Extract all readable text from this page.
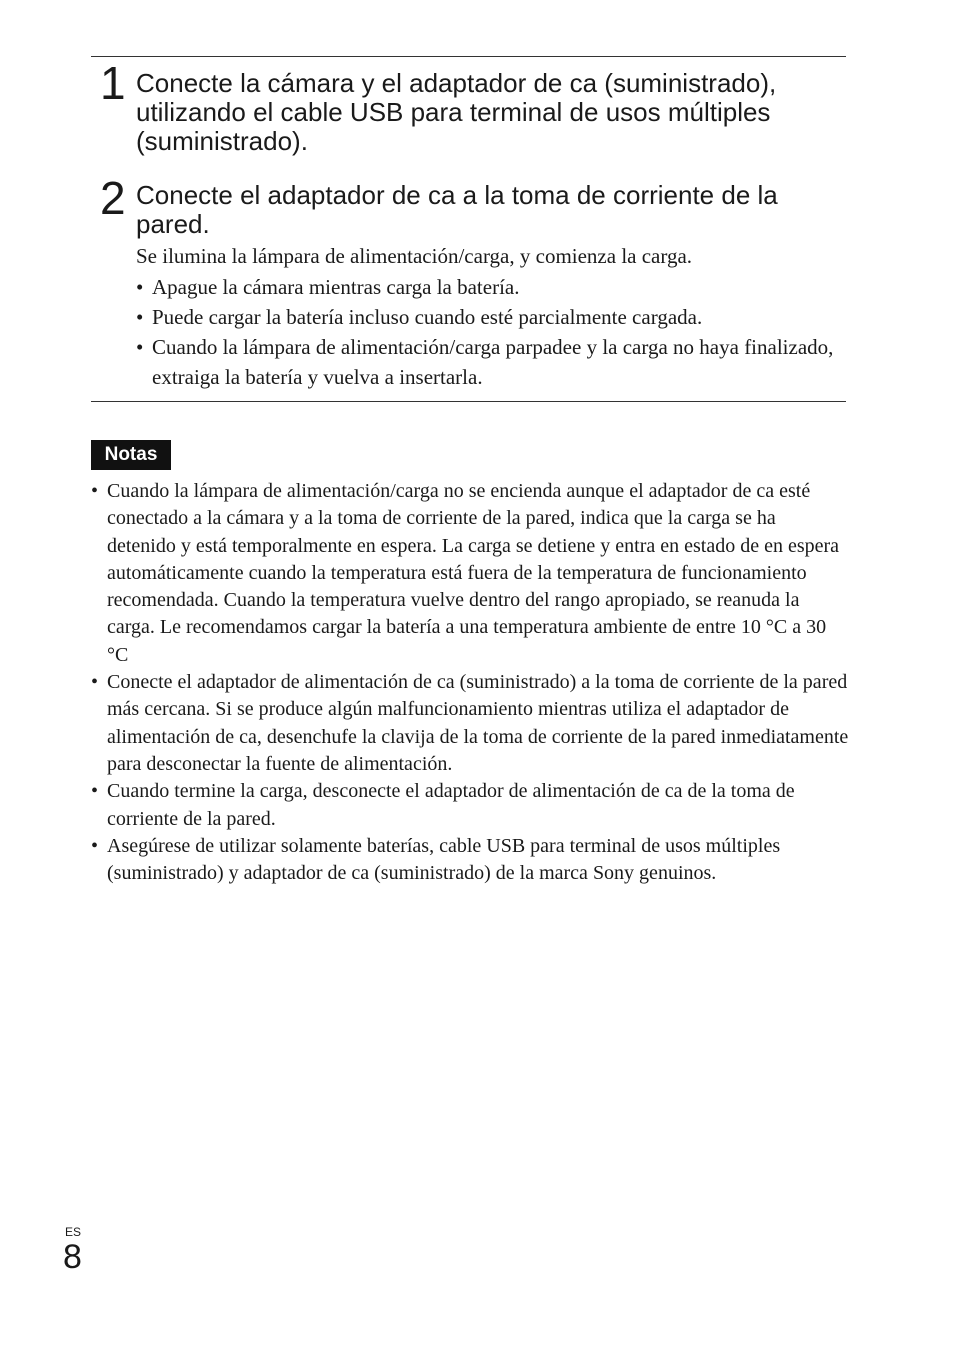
1 Conecte la cámara y el adaptador de ca (suministrado), utilizando el cable USB para terminal de usos múltiples (suministrado).
2 Conecte el adaptador de ca a la toma de corriente de la pared.
Se ilumina la lámpara de alimentación/carga, y comienza la carga.
• Apague la cámara mientras carga la batería.
• Puede cargar la batería incluso cuando esté parcialmente cargada.
• Cuando la lámpara de alimentación/carga parpadee y la carga no haya finalizado, extraiga la batería y vuelva a insertarla.
Notas
• Cuando la lámpara de alimentación/carga no se encienda aunque el adaptador de ca esté conectado a la cámara y a la toma de corriente de la pared, indica que la carga se ha detenido y está temporalmente en espera. La carga se detiene y entra en estado de en espera automáticamente cuando la temperatura está fuera de la temperatura de funcionamiento recomendada. Cuando la temperatura vuelve dentro del rango apropiado, se reanuda la carga. Le recomendamos cargar la batería a una temperatura ambiente de entre 10 °C a 30 °C
• Conecte el adaptador de alimentación de ca (suministrado) a la toma de corriente de la pared más cercana. Si se produce algún malfuncionamiento mientras utiliza el adaptador de alimentación de ca, desenchufe la clavija de la toma de corriente de la pared inmediatamente para desconectar la fuente de alimentación.
• Cuando termine la carga, desconecte el adaptador de alimentación de ca de la toma de corriente de la pared.
• Asegúrese de utilizar solamente baterías, cable USB para terminal de usos múltiples (suministrado) y adaptador de ca (suministrado) de la marca Sony genuinos.
ES
8
